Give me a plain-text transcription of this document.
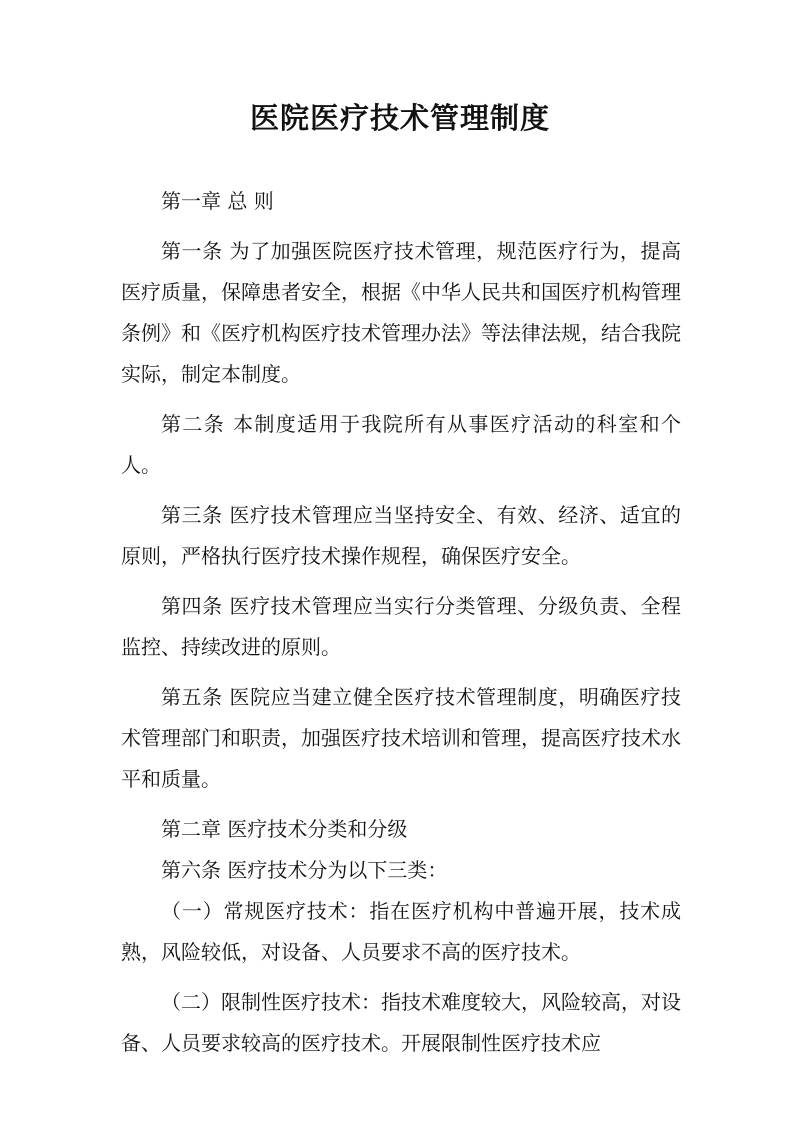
医院医疗技术管理制度

第一章 总 则

第一条 为了加强医院医疗技术管理，规范医疗行为，提高医疗质量，保障患者安全，根据《中华人民共和国医疗机构管理条例》和《医疗机构医疗技术管理办法》等法律法规，结合我院实际，制定本制度。

第二条 本制度适用于我院所有从事医疗活动的科室和个人。

第三条 医疗技术管理应当坚持安全、有效、经济、适宜的原则，严格执行医疗技术操作规程，确保医疗安全。

第四条 医疗技术管理应当实行分类管理、分级负责、全程监控、持续改进的原则。

第五条 医院应当建立健全医疗技术管理制度，明确医疗技术管理部门和职责，加强医疗技术培训和管理，提高医疗技术水平和质量。

第二章 医疗技术分类和分级

第六条 医疗技术分为以下三类：

（一）常规医疗技术：指在医疗机构中普遍开展，技术成熟，风险较低，对设备、人员要求不高的医疗技术。

（二）限制性医疗技术：指技术难度较大，风险较高，对设备、人员要求较高的医疗技术。开展限制性医疗技术应
